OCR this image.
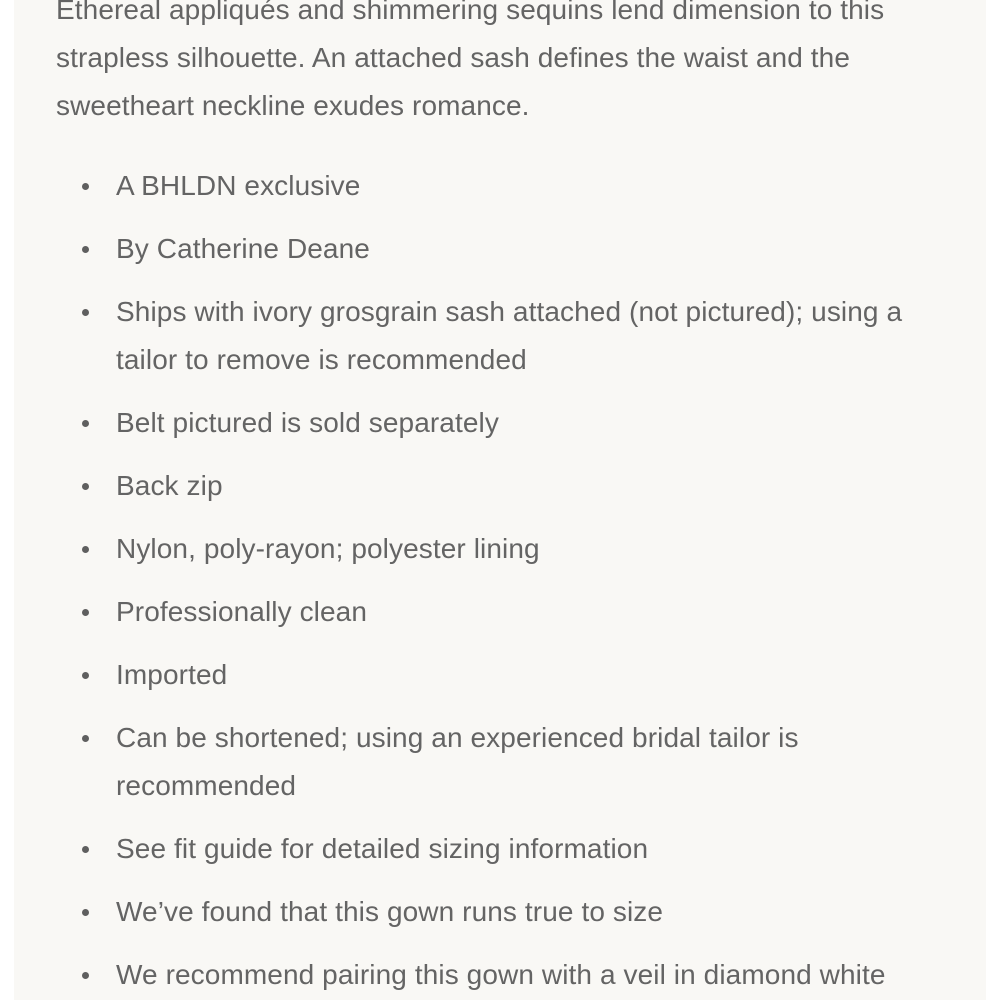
Ethereal appliqués and shimmering sequins lend dimension to this strapless silhouette. An attached sash defines the waist and the sweetheart neckline exudes romance.

A BHLDN exclusive
By Catherine Deane
Ships with ivory grosgrain sash attached (not pictured); using a tailor to remove is recommended
Belt pictured is sold separately
Back zip
Nylon, poly-rayon; polyester lining
Professionally clean
Imported
Can be shortened; using an experienced bridal tailor is recommended
See fit guide for detailed sizing information
We’ve found that this gown runs true to size
We recommend pairing this gown with a veil in diamond white
